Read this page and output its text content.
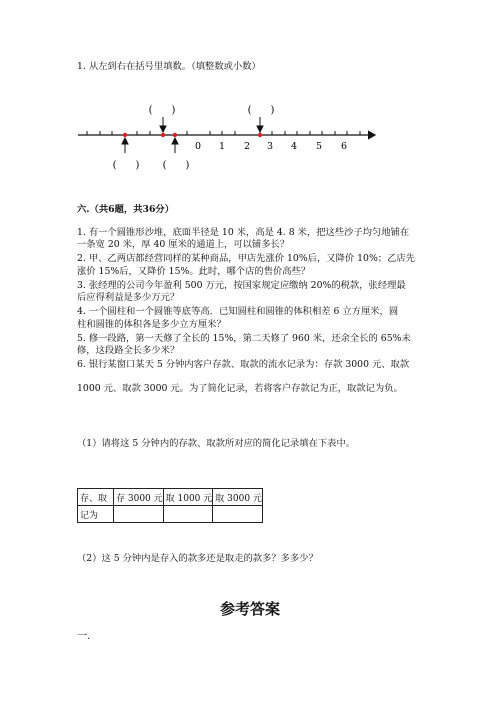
1. 从左到右在括号里填数。（填整数或小数）
0 1 2 3 4 5 6
(      )	(      )
(      ) (      )
六.（共6题，共36分）
1. 有一个圆锥形沙堆，底面半径是 10 米，高是 4. 8 米，把这些沙子均匀地铺在
一条宽 20 米，厚 40 厘米的通道上，可以铺多长？
2. 甲、乙两店都经营同样的某种商品，甲店先涨价 10%后，又降价 10%；乙店先
涨价 15%后，又降价 15%。此时，哪个店的售价高些？
3. 张经理的公司今年盈利 500 万元，按国家规定应缴纳 20%的税款，张经理最
后应得利益是多少万元？
4. 一个圆柱和一个圆锥等底等高．已知圆柱和圆锥的体积相差 6 立方厘米，圆
柱和圆锥的体积各是多少立方厘米？
5. 修一段路，第一天修了全长的 15%，第二天修了 960 米，还余全长的 65%未
修，这段路全长多少米？
6. 银行某窗口某天 5 分钟内客户存款、取款的流水记录为：存款 3000 元、取款
1000 元、取款 3000 元。为了简化记录，若将客户存款记为正，取款记为负。
（1）请将这 5 分钟内的存款、取款所对应的简化记录填在下表中。
存、取	存 3000 元	取 1000 元	取 3000 元
记为			
（2）这 5 分钟内是存入的款多还是取走的款多？多多少？
参考答案
一.
